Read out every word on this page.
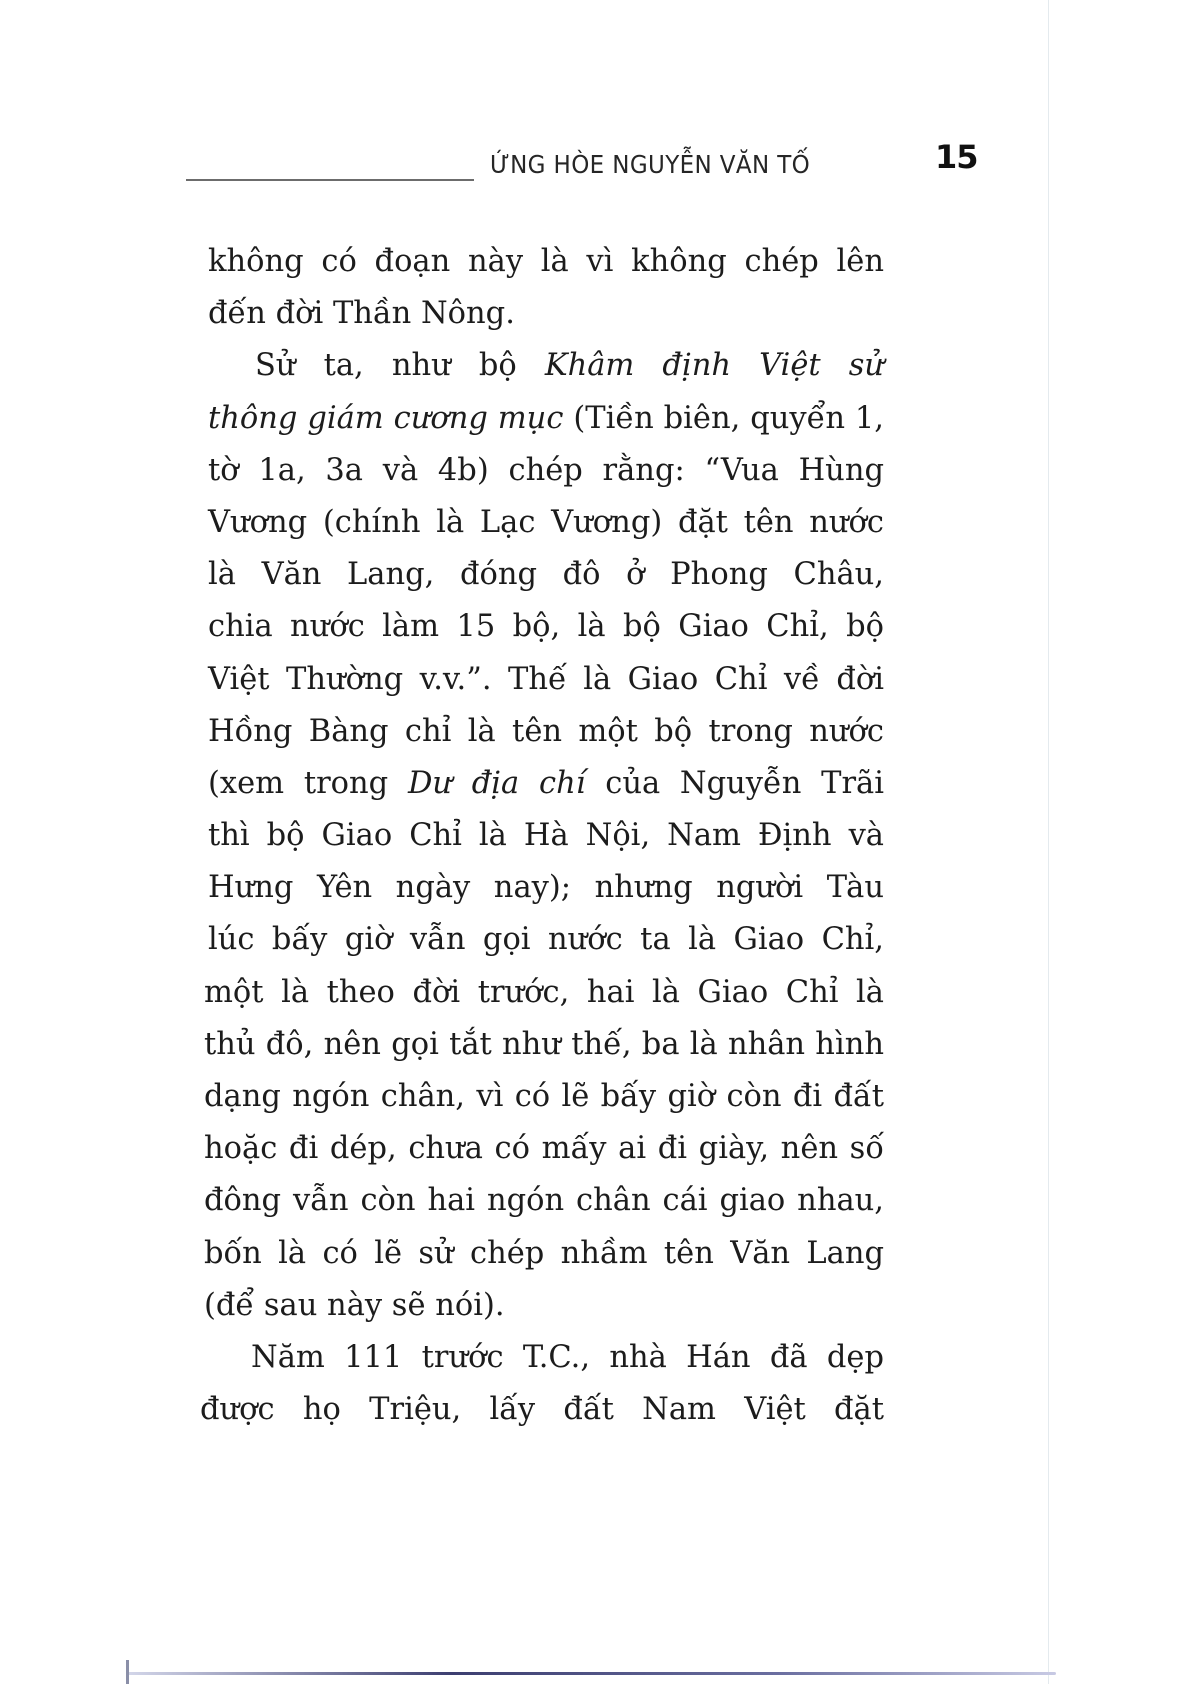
ỨNG HÒE NGUYỄN VĂN TỐ	15
không có đoạn này là vì không chép lên
đến đời Thần Nông.
Sử ta, như bộ Khâm định Việt sử
thông giám cương mục (Tiền biên, quyển 1,
tờ 1a, 3a và 4b) chép rằng: “Vua Hùng
Vương (chính là Lạc Vương) đặt tên nước
là Văn Lang, đóng đô ở Phong Châu,
chia nước làm 15 bộ, là bộ Giao Chỉ, bộ
Việt Thường v.v.”. Thế là Giao Chỉ về đời
Hồng Bàng chỉ là tên một bộ trong nước
(xem trong Dư địa chí của Nguyễn Trãi
thì bộ Giao Chỉ là Hà Nội, Nam Định và
Hưng Yên ngày nay); nhưng người Tàu
lúc bấy giờ vẫn gọi nước ta là Giao Chỉ,
một là theo đời trước, hai là Giao Chỉ là
thủ đô, nên gọi tắt như thế, ba là nhân hình
dạng ngón chân, vì có lẽ bấy giờ còn đi đất
hoặc đi dép, chưa có mấy ai đi giày, nên số
đông vẫn còn hai ngón chân cái giao nhau,
bốn là có lẽ sử chép nhầm tên Văn Lang
(để sau này sẽ nói).
Năm 111 trước T.C., nhà Hán đã dẹp
được họ Triệu, lấy đất Nam Việt đặt
